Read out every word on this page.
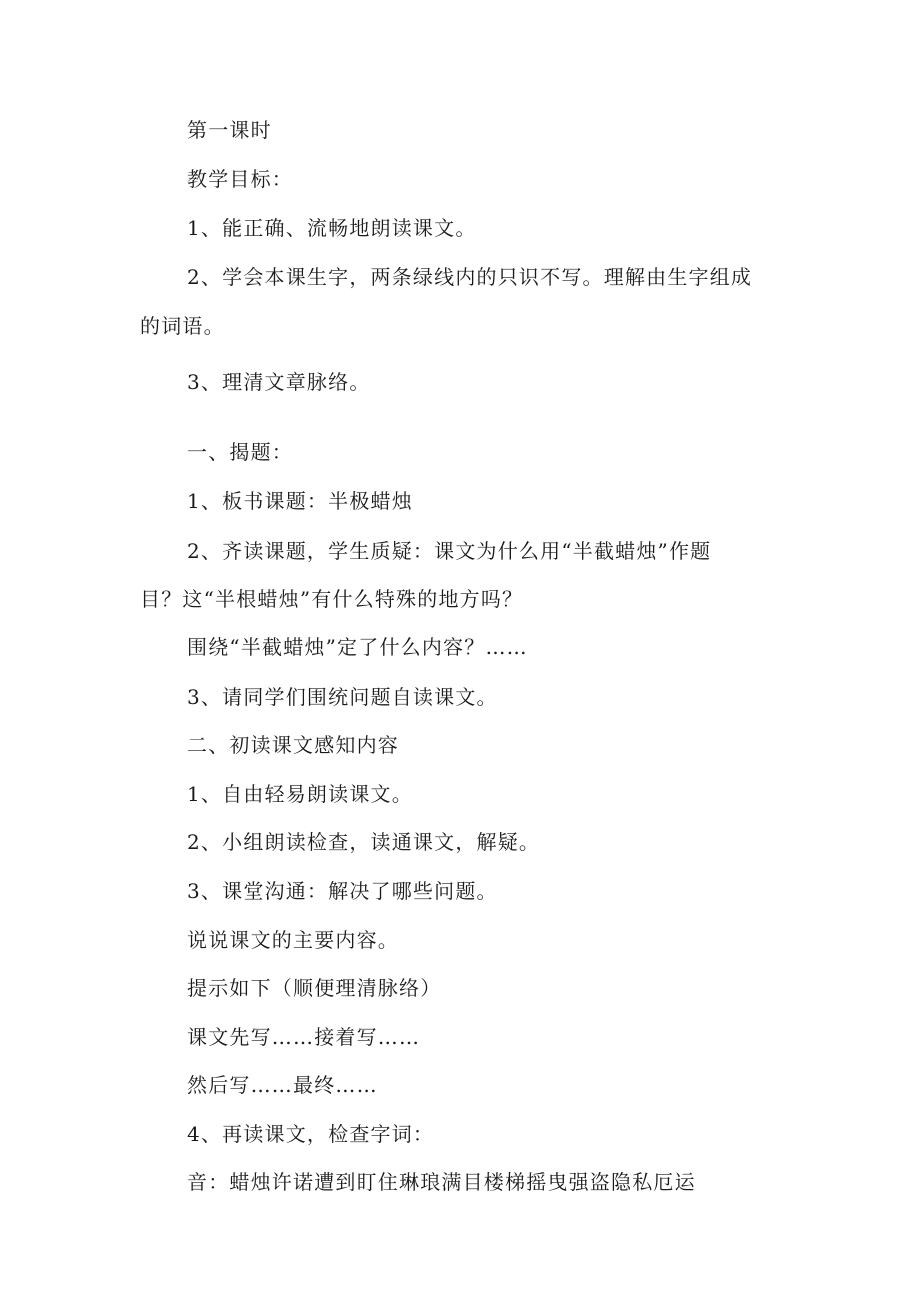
第一课时
教学目标：
1、能正确、流畅地朗读课文。
2、学会本课生字，两条绿线内的只识不写。理解由生字组成
的词语。
3、理清文章脉络。
一、揭题：
1、板书课题：半极蜡烛
2、齐读课题，学生质疑：课文为什么用“半截蜡烛”作题
目？这“半根蜡烛”有什么特殊的地方吗？
围绕“半截蜡烛”定了什么内容？……
3、请同学们围统问题自读课文。
二、初读课文感知内容
1、自由轻易朗读课文。
2、小组朗读检查，读通课文，解疑。
3、课堂沟通：解决了哪些问题。
说说课文的主要内容。
提示如下（顺便理清脉络）
课文先写……接着写……
然后写……最终……
4、再读课文，检查字词：
音：蜡烛许诺遭到盯住琳琅满目楼梯摇曳强盗隐私厄运
